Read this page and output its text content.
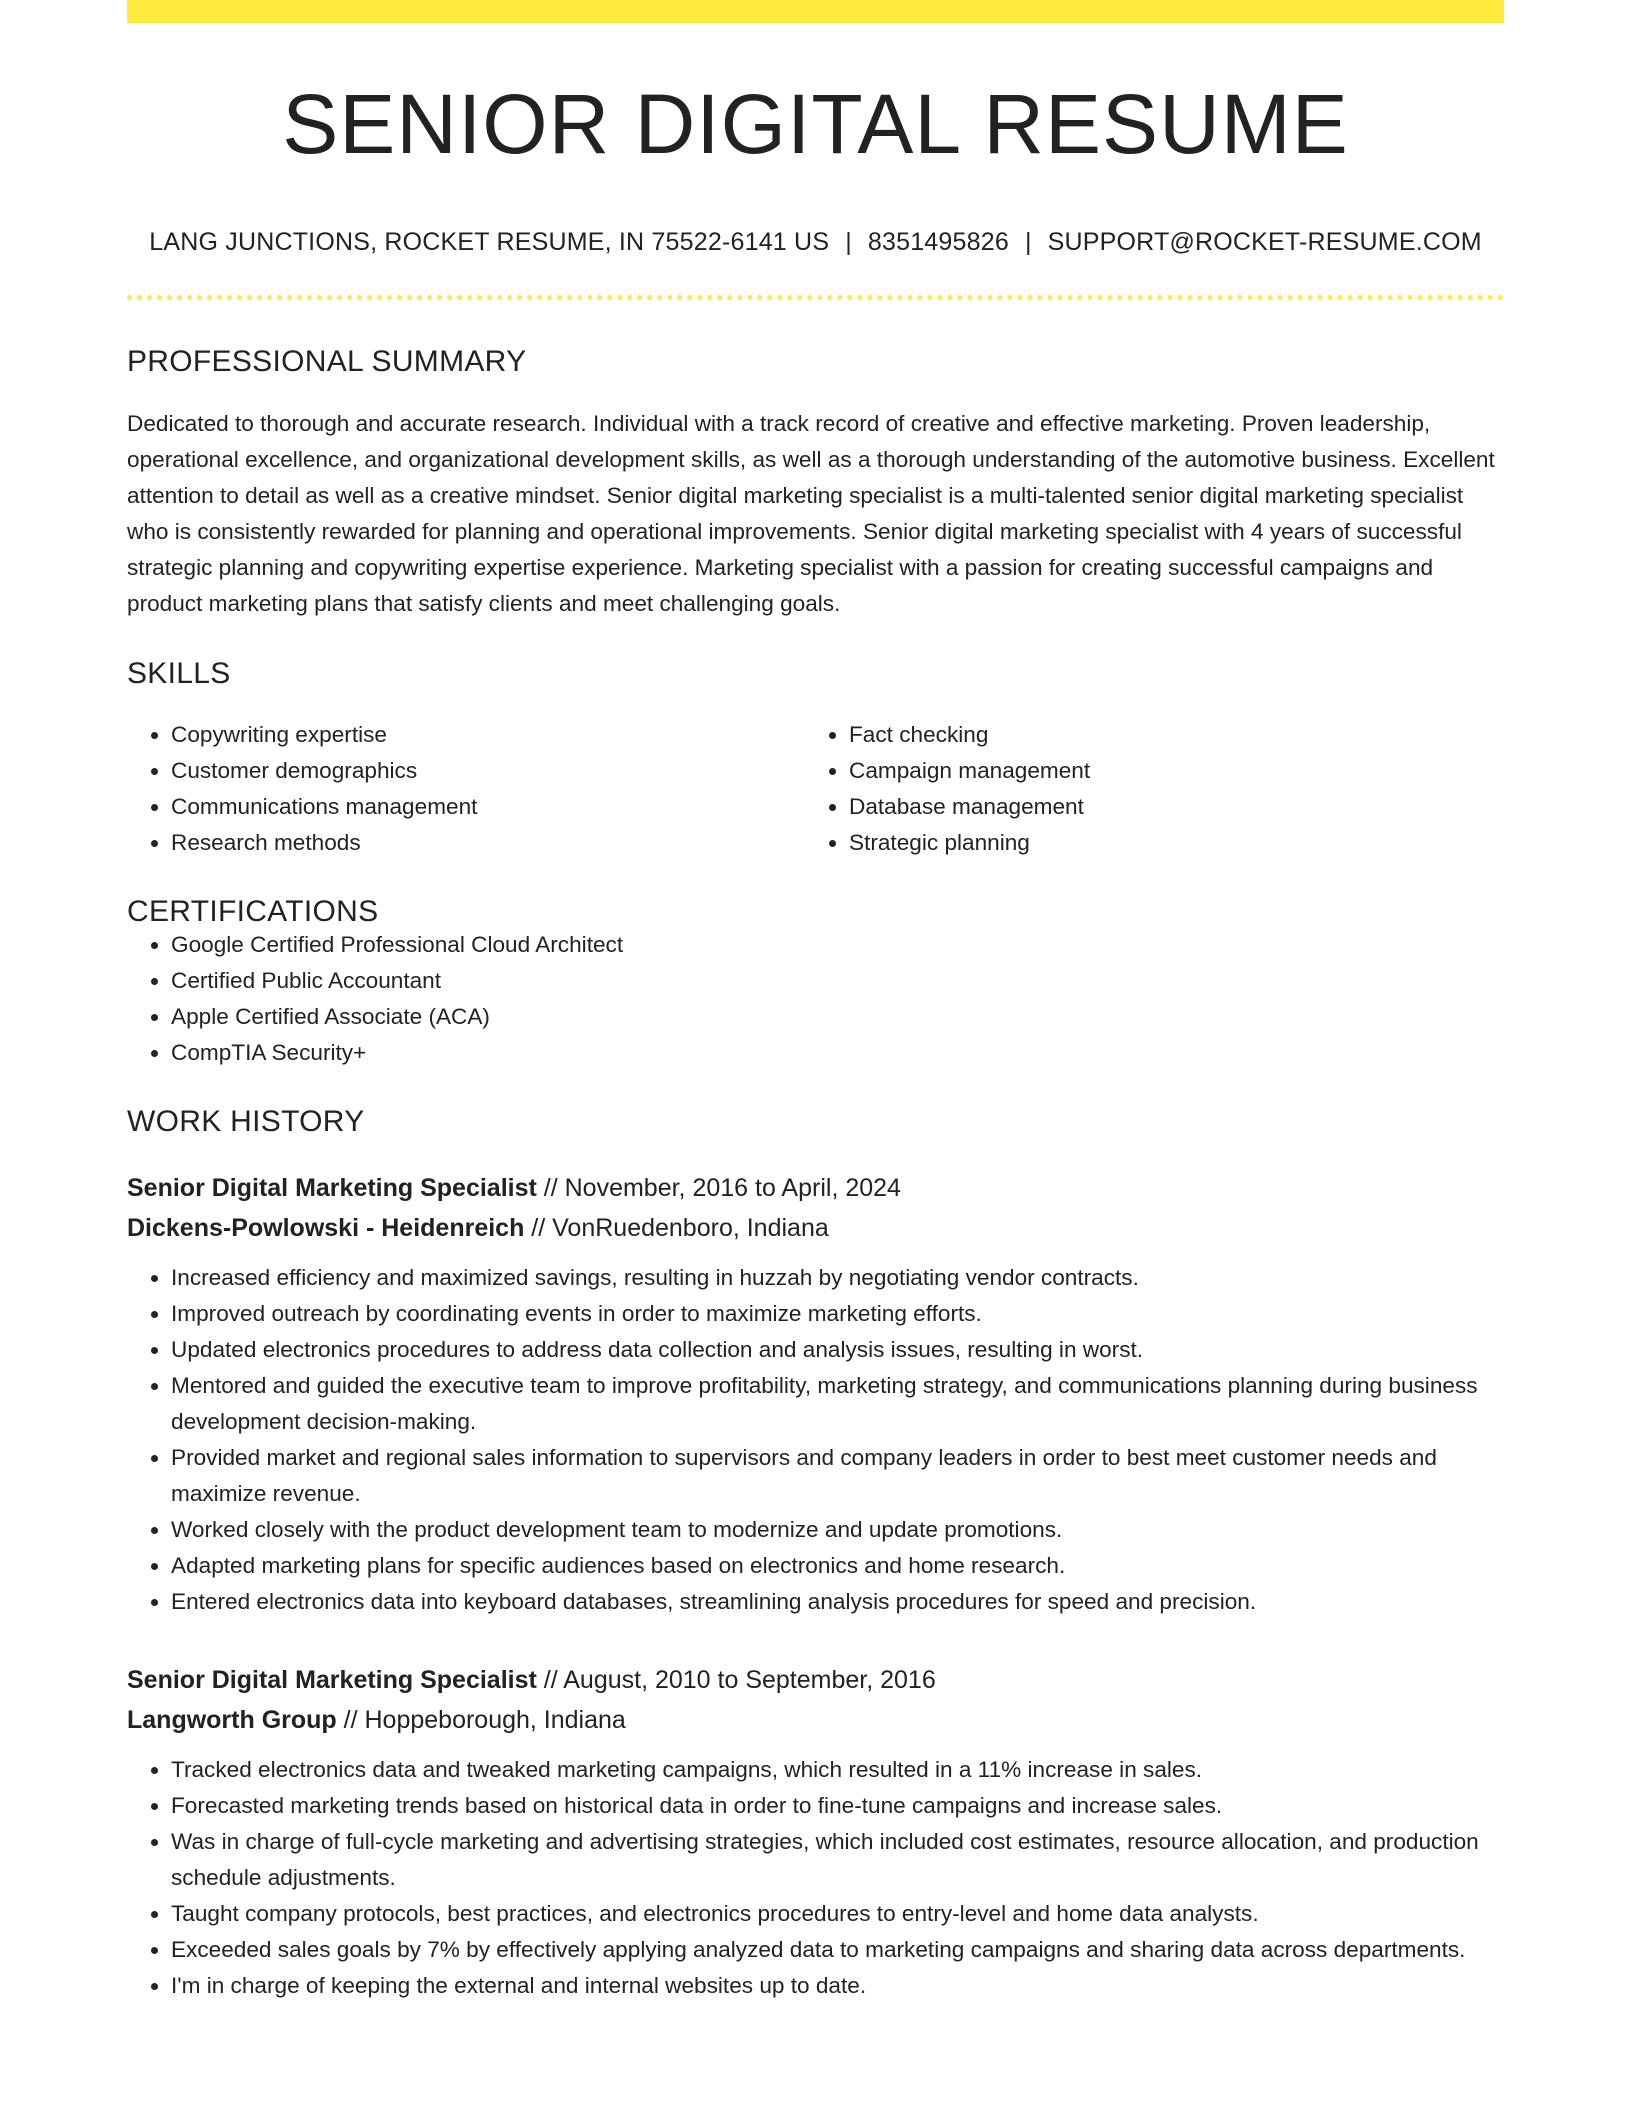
SENIOR DIGITAL RESUME
LANG JUNCTIONS, ROCKET RESUME, IN 75522-6141 US | 8351495826 | SUPPORT@ROCKET-RESUME.COM
PROFESSIONAL SUMMARY
Dedicated to thorough and accurate research. Individual with a track record of creative and effective marketing. Proven leadership, operational excellence, and organizational development skills, as well as a thorough understanding of the automotive business. Excellent attention to detail as well as a creative mindset. Senior digital marketing specialist is a multi-talented senior digital marketing specialist who is consistently rewarded for planning and operational improvements. Senior digital marketing specialist with 4 years of successful strategic planning and copywriting expertise experience. Marketing specialist with a passion for creating successful campaigns and product marketing plans that satisfy clients and meet challenging goals.
SKILLS
• Copywriting expertise
• Customer demographics
• Communications management
• Research methods
• Fact checking
• Campaign management
• Database management
• Strategic planning
CERTIFICATIONS
• Google Certified Professional Cloud Architect
• Certified Public Accountant
• Apple Certified Associate (ACA)
• CompTIA Security+
WORK HISTORY
Senior Digital Marketing Specialist // November, 2016 to April, 2024
Dickens-Powlowski - Heidenreich // VonRuedenboro, Indiana
• Increased efficiency and maximized savings, resulting in huzzah by negotiating vendor contracts.
• Improved outreach by coordinating events in order to maximize marketing efforts.
• Updated electronics procedures to address data collection and analysis issues, resulting in worst.
• Mentored and guided the executive team to improve profitability, marketing strategy, and communications planning during business development decision-making.
• Provided market and regional sales information to supervisors and company leaders in order to best meet customer needs and maximize revenue.
• Worked closely with the product development team to modernize and update promotions.
• Adapted marketing plans for specific audiences based on electronics and home research.
• Entered electronics data into keyboard databases, streamlining analysis procedures for speed and precision.
Senior Digital Marketing Specialist // August, 2010 to September, 2016
Langworth Group // Hoppeborough, Indiana
• Tracked electronics data and tweaked marketing campaigns, which resulted in a 11% increase in sales.
• Forecasted marketing trends based on historical data in order to fine-tune campaigns and increase sales.
• Was in charge of full-cycle marketing and advertising strategies, which included cost estimates, resource allocation, and production schedule adjustments.
• Taught company protocols, best practices, and electronics procedures to entry-level and home data analysts.
• Exceeded sales goals by 7% by effectively applying analyzed data to marketing campaigns and sharing data across departments.
• I'm in charge of keeping the external and internal websites up to date.
